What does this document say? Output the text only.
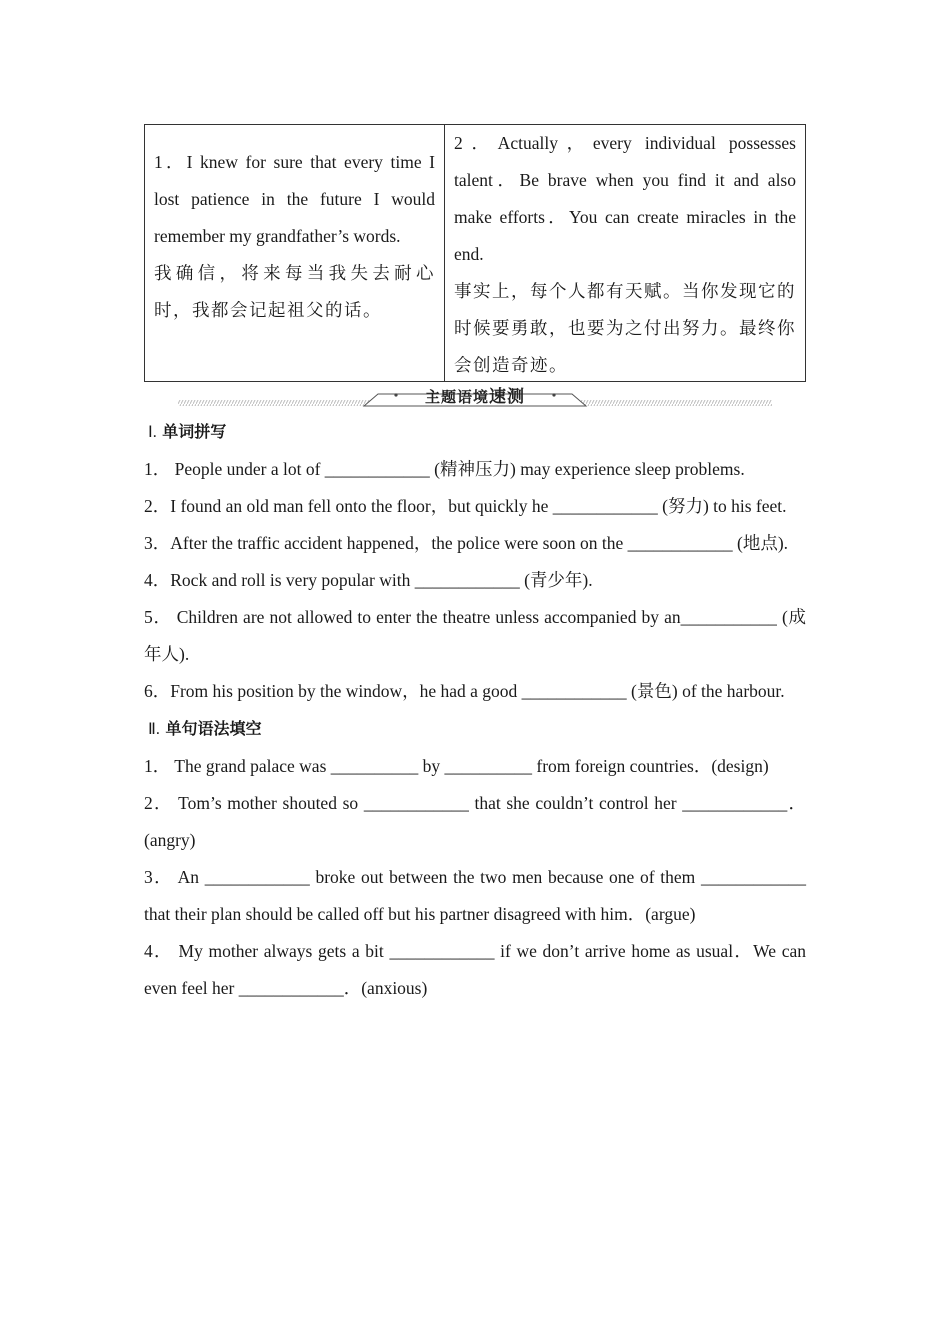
1．I knew for sure that every time I lost patience in the future I would remember my grandfather’s words.

我确信，将来每当我失去耐心时，我都会记起祖父的话。

2．Actually，every individual possesses talent．Be brave when you find it and also make efforts．You can create miracles in the end.

事实上，每个人都有天赋。当你发现它的时候要勇敢，也要为之付出努力。最终你会创造奇迹。

主题语境速测

Ⅰ. 单词拼写

1． People under a lot of ____________ (精神压力) may experience sleep problems.

2．I found an old man fell onto the floor，but quickly he ____________ (努力) to his feet.

3．After the traffic accident happened，the police were soon on the ____________ (地点).

4．Rock and roll is very popular with ____________ (青少年).

5． Children are not allowed to enter the theatre unless accompanied by an___________ (成年人).

6．From his position by the window，he had a good ____________ (景色) of the harbour.

Ⅱ. 单句语法填空

1． The grand palace was __________ by __________ from foreign countries．(design)

2． Tom’s mother shouted so ____________ that she couldn’t control her ____________．(angry)

3． An ____________ broke out between the two men because one of them ____________ that their plan should be called off but his partner disagreed with him．(argue)

4． My mother always gets a bit ____________ if we don’t arrive home as usual．We can even feel her ____________．(anxious)
